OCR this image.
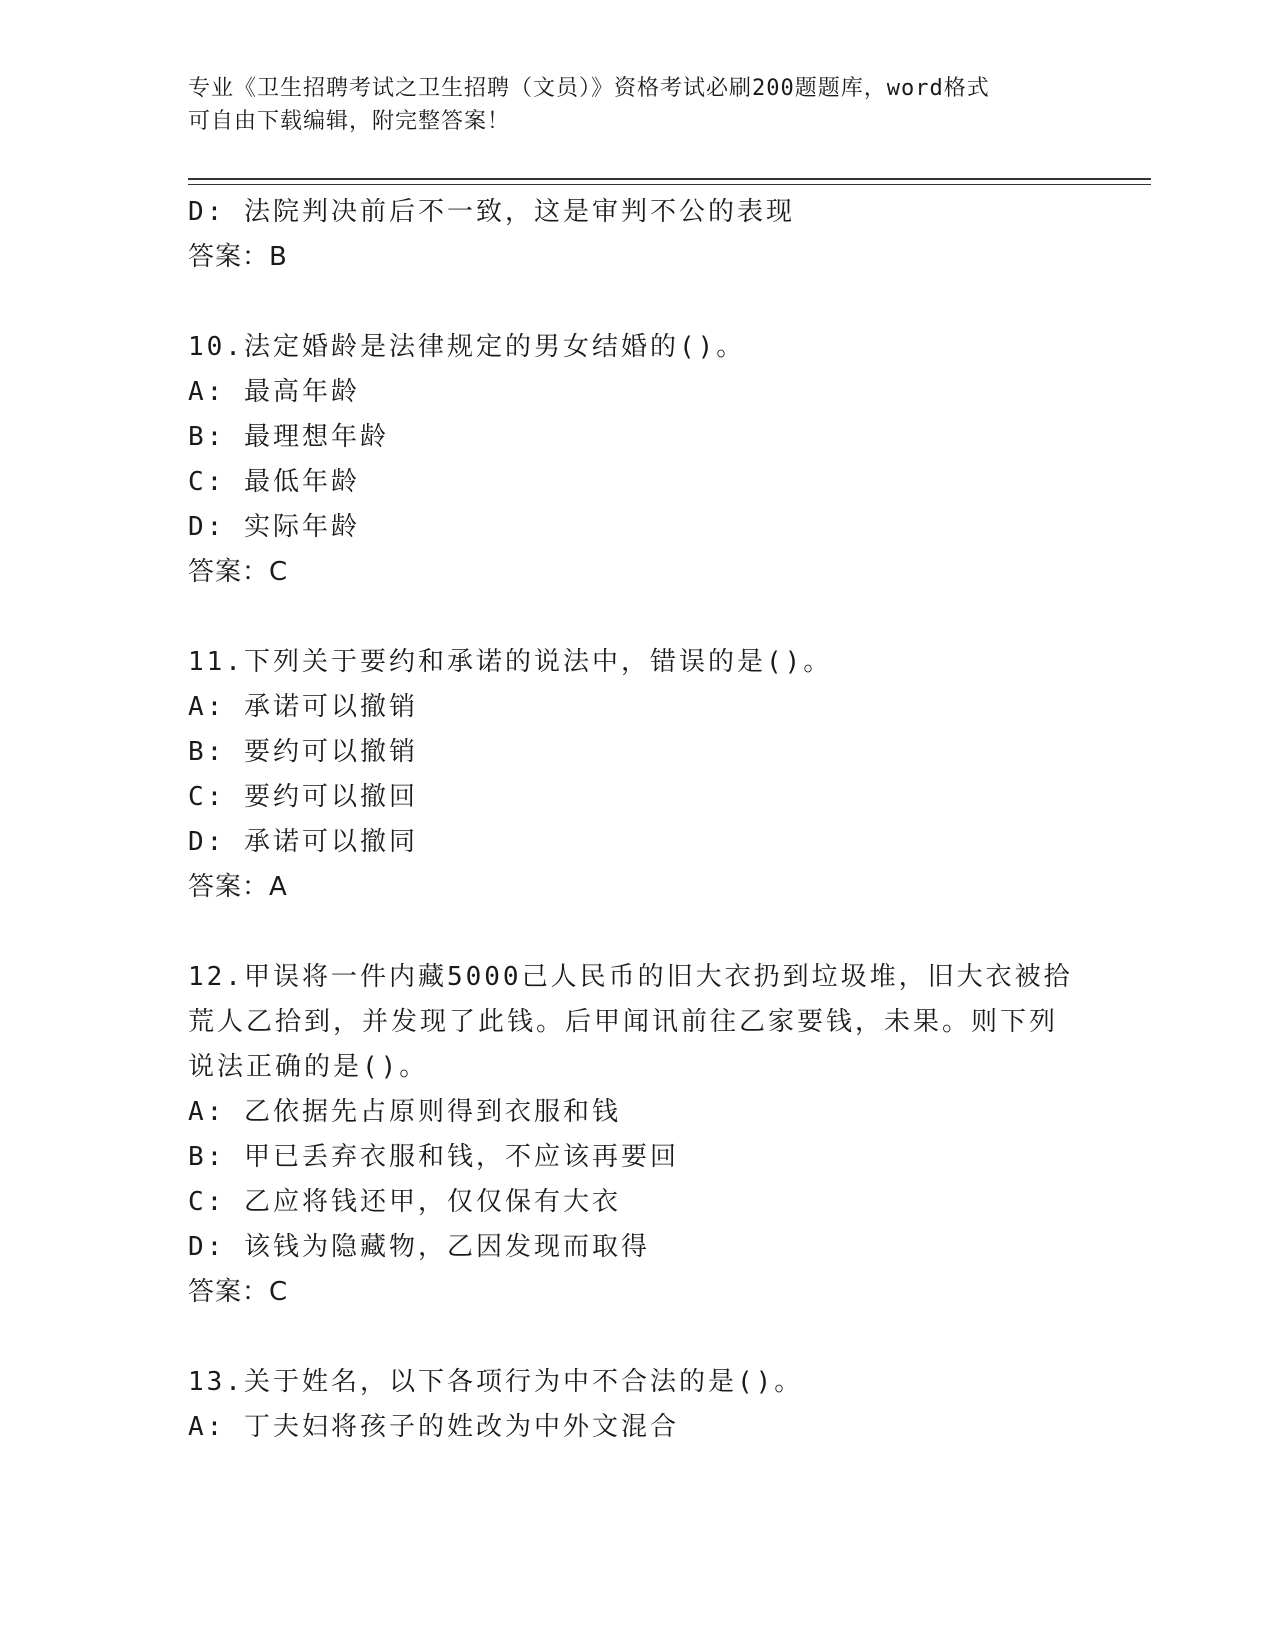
专业《卫生招聘考试之卫生招聘（文员）》资格考试必刷200题题库，word格式
可自由下载编辑，附完整答案！
D: 法院判决前后不一致，这是审判不公的表现
答案：B
10.法定婚龄是法律规定的男女结婚的()。
A: 最高年龄
B: 最理想年龄
C: 最低年龄
D: 实际年龄
答案：C
11.下列关于要约和承诺的说法中，错误的是()。
A: 承诺可以撤销
B: 要约可以撤销
C: 要约可以撤回
D: 承诺可以撤同
答案：A
12.甲误将一件内藏5000己人民币的旧大衣扔到垃圾堆，旧大衣被拾
荒人乙拾到，并发现了此钱。后甲闻讯前往乙家要钱，未果。则下列
说法正确的是()。
A: 乙依据先占原则得到衣服和钱
B: 甲已丢弃衣服和钱，不应该再要回
C: 乙应将钱还甲，仅仅保有大衣
D: 该钱为隐藏物，乙因发现而取得
答案：C
13.关于姓名，以下各项行为中不合法的是()。
A: 丁夫妇将孩子的姓改为中外文混合
